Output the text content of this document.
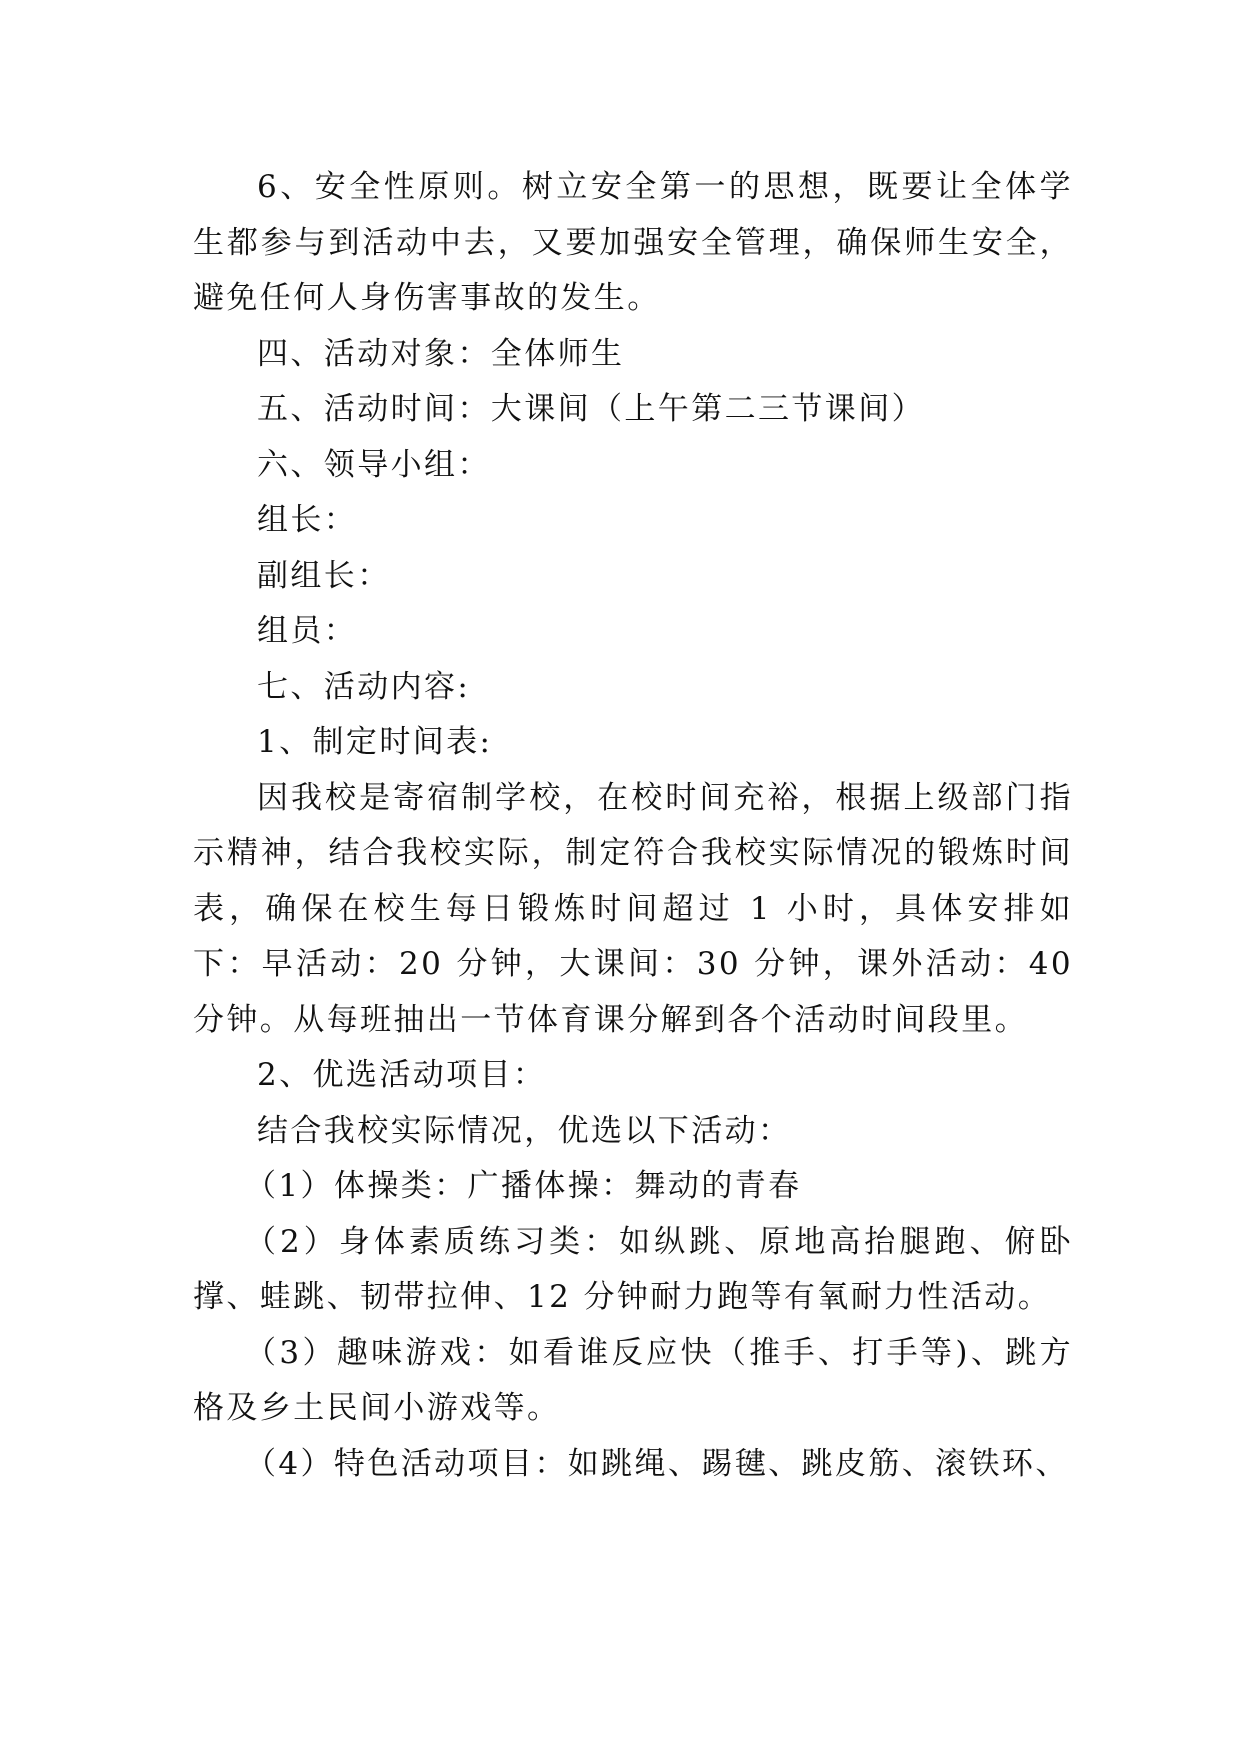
6、安全性原则。树立安全第一的思想，既要让全体学生都参与到活动中去，又要加强安全管理，确保师生安全，避免任何人身伤害事故的发生。

四、活动对象：全体师生

五、活动时间：大课间（上午第二三节课间）

六、领导小组：

组长：

副组长：

组员：

七、活动内容:

1、制定时间表:

因我校是寄宿制学校，在校时间充裕，根据上级部门指示精神，结合我校实际，制定符合我校实际情况的锻炼时间表，确保在校生每日锻炼时间超过 1 小时，具体安排如下：早活动：20 分钟，大课间：30 分钟，课外活动：40 分钟。从每班抽出一节体育课分解到各个活动时间段里。

2、优选活动项目：

结合我校实际情况，优选以下活动：

（1）体操类：广播体操：舞动的青春

（2）身体素质练习类：如纵跳、原地高抬腿跑、俯卧撑、蛙跳、韧带拉伸、12 分钟耐力跑等有氧耐力性活动。

（3）趣味游戏：如看谁反应快（推手、打手等)、跳方格及乡土民间小游戏等。

（4）特色活动项目：如跳绳、踢毽、跳皮筋、滚铁环、
